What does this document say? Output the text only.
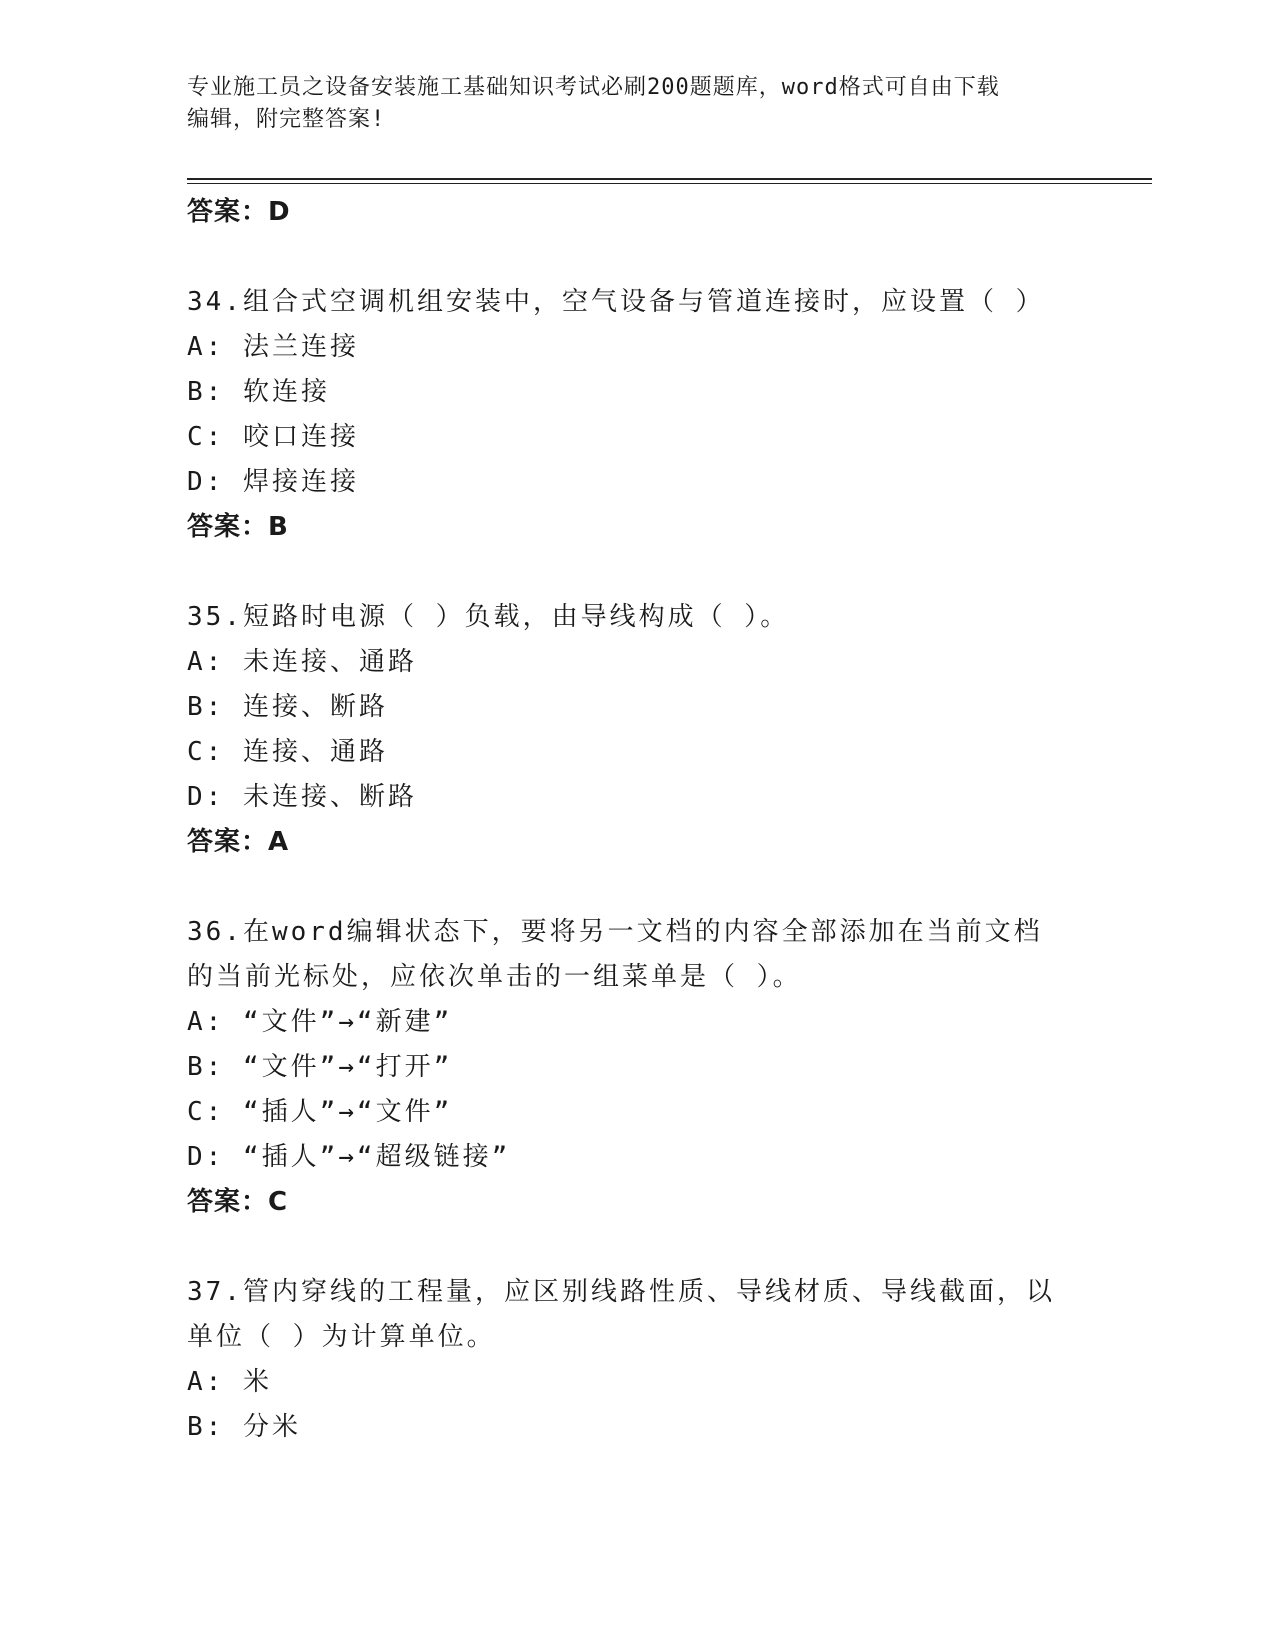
专业施工员之设备安装施工基础知识考试必刷200题题库，word格式可自由下载
编辑，附完整答案!
答案：D
34.组合式空调机组安装中，空气设备与管道连接时，应设置（ ）
A: 法兰连接
B: 软连接
C: 咬口连接
D: 焊接连接
答案：B
35.短路时电源（ ）负载，由导线构成（ ）。
A: 未连接、通路
B: 连接、断路
C: 连接、通路
D: 未连接、断路
答案：A
36.在word编辑状态下，要将另一文档的内容全部添加在当前文档的当前光标处，应依次单击的一组菜单是（ ）。
A: “文件”→“新建”
B: “文件”→“打开”
C: “插人”→“文件”
D: “插人”→“超级链接”
答案：C
37.管内穿线的工程量，应区别线路性质、导线材质、导线截面，以单位（ ）为计算单位。
A: 米
B: 分米
